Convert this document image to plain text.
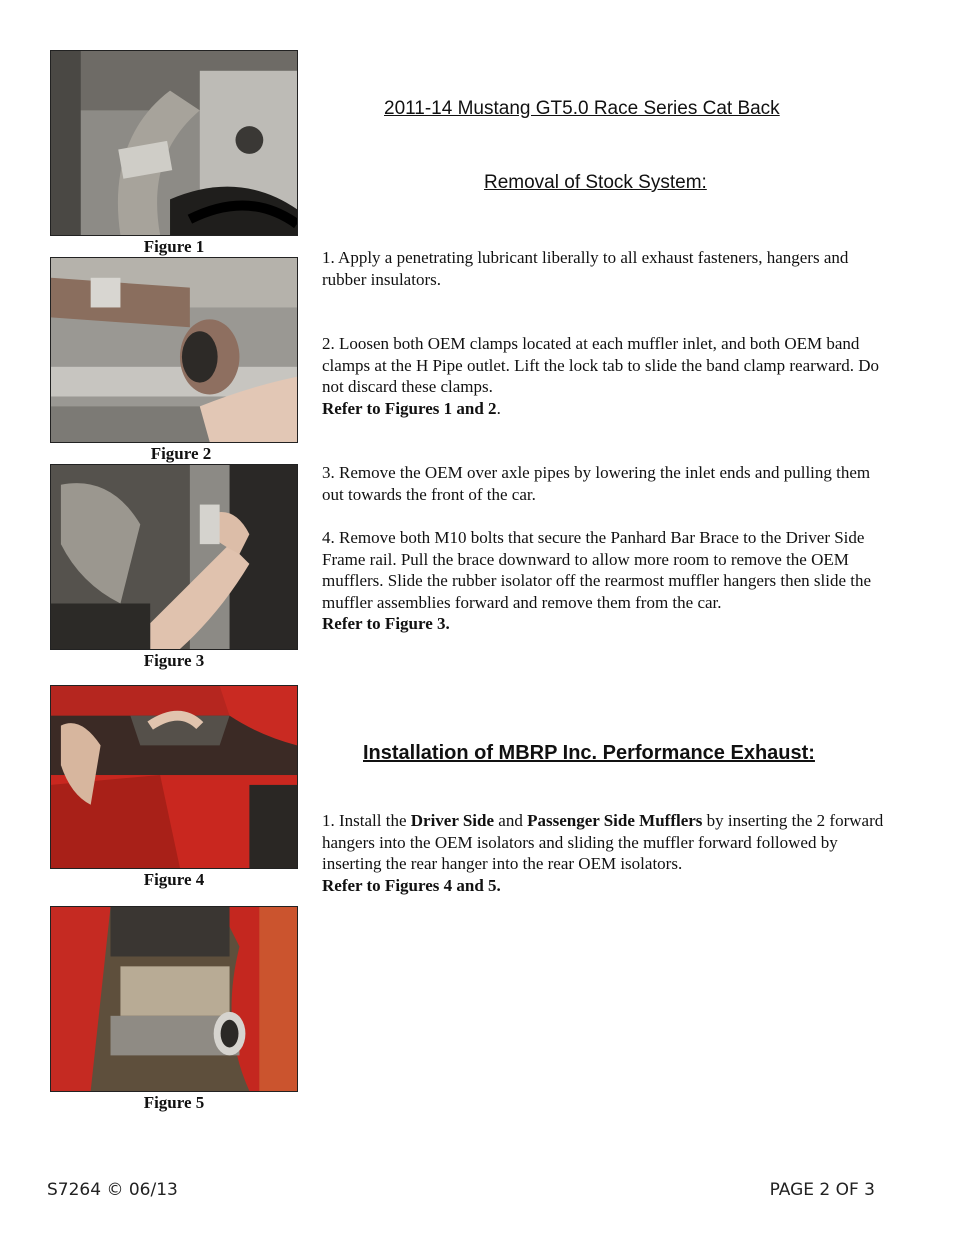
2011-14 Mustang GT5.0 Race Series Cat Back
Removal of Stock System:
Installation of MBRP Inc. Performance Exhaust:
Figure 1
Figure 2
Figure 3
Figure 4
Figure 5
1. Apply a penetrating lubricant liberally to all exhaust fasteners, hangers and rubber insulators.
2. Loosen both OEM clamps located at each muffler inlet, and both OEM band clamps at the H Pipe outlet. Lift the lock tab to slide the band clamp rearward. Do not discard these clamps.
Refer to Figures 1 and 2.
3. Remove the OEM over axle pipes by lowering the inlet ends and pulling them out towards the front of the car.
4. Remove both M10 bolts that secure the Panhard Bar Brace to the Driver Side Frame rail. Pull the brace downward to allow more room to remove the OEM mufflers. Slide the rubber isolator off the rearmost muffler hangers then slide the muffler assemblies forward and remove them from the car.
Refer to Figure 3.
1. Install the Driver Side and Passenger Side Mufflers by inserting the 2 forward hangers into the OEM isolators and sliding the muffler forward followed by inserting the rear hanger into the rear OEM isolators.
Refer to Figures 4 and 5.
S7264 © 06/13	PAGE 2 OF 3
